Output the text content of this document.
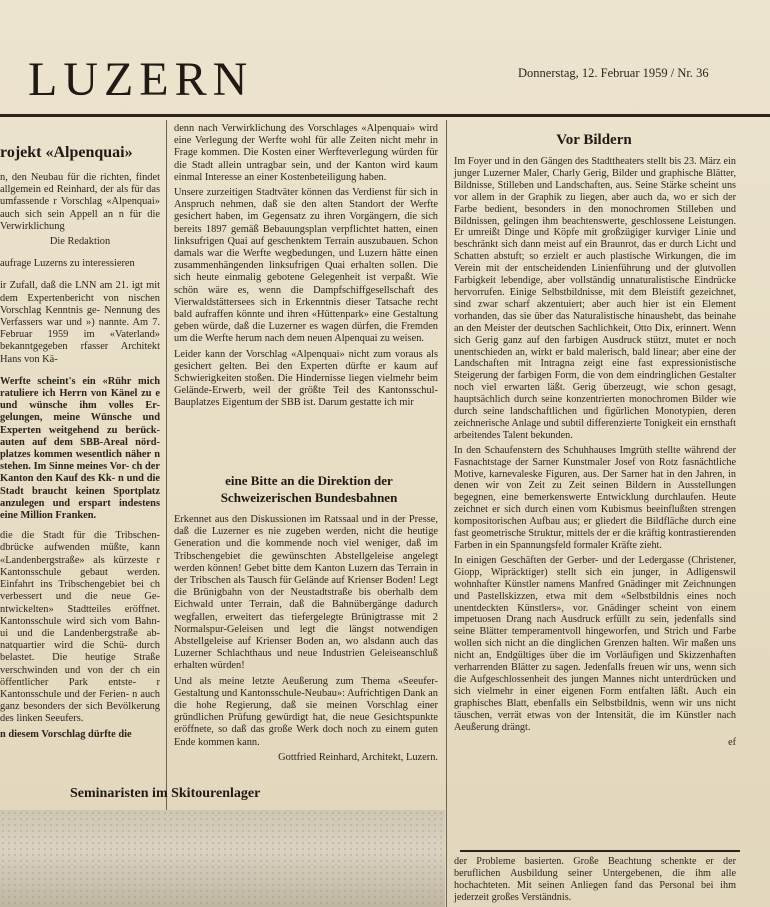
LUZERN	Donnerstag, 12. Februar 1959 / Nr. 36
rojekt «Alpenquai»

n, den Neubau für die richten, findet allgemein ed Reinhard, der als für das umfassende r Vorschlag «Alpenquai» auch sich sein Appell an n für die Verwirklichung

Die Redaktion

aufrage Luzerns zu interessieren

ir Zufall, daß die LNN am 21. igt mit dem Expertenbericht von nischen Vorschlag Kenntnis ge- Nennung des Verfassers war und ») nannte. Am 7. Februar 1959 im «Vaterland» bekanntgegeben rfasser Architekt Hans von Kä-

Werfte scheint's ein «Rühr mich ratuliere ich Herrn von Känel zu e und wünsche ihm volles Er- gelungen, meine Wünsche und Experten weitgehend zu berück- auten auf dem SBB-Areal nörd- platzes kommen wesentlich näher n stehen. Im Sinne meines Vor- ch der Kanton den Kauf des Kk- n und die Stadt braucht keinen Sportplatz anzulegen und erspart indestens eine Million Franken.

die die Stadt für die Tribschen- dbrücke aufwenden müßte, kann «Landenbergstraße» als kürzeste r Kantonsschule gebaut werden. Einfahrt ins Tribschengebiet bei ch verbessert und die neue Ge- ntwickelten» Stadtteiles eröffnet. Kantonsschule wird sich vom Bahn- ui und die Landenbergstraße ab- natquartier wird die Schü- durch belastet. Die heutige Straße verschwinden und von der ch ein öffentlicher Park entste- r Kantonsschule und der Ferien- n auch ganz besonders der sich Bevölkerung des linken Seeufers.

n diesem Vorschlag dürfte die

denn nach Verwirklichung des Vorschlages «Alpenquai» wird eine Verlegung der Werfte wohl für alle Zeiten nicht mehr in Frage kommen. Die Kosten einer Werfteverlegung würden für die Stadt allein untragbar sein, und der Kanton wird kaum einmal Interesse an einer Kostenbeteiligung haben.

Unsere zurzeitigen Stadtväter können das Verdienst für sich in Anspruch nehmen, daß sie den alten Standort der Werfte gesichert haben, im Gegensatz zu ihren Vorgängern, die sich bereits 1897 gemäß Bebauungsplan verpflichtet hatten, einen linksufrigen Quai auf geschenktem Terrain auszubauen. Schon damals war die Werfte wegbedungen, und Luzern hätte einen zusammenhängenden linksufrigen Quai erhalten sollen. Die sich heute einmalig gebotene Gelegenheit ist verpaßt. Wie schön wäre es, wenn die Dampfschiffgesellschaft des Vierwaldstättersees sich in Erkenntnis dieser Tatsache recht bald aufraffen könnte und ihren «Hüttenpark» eine Gestaltung geben würde, daß die Luzerner es wagen dürfen, die Fremden um die Werfte herum nach dem neuen Alpenquai zu weisen.

Leider kann der Vorschlag «Alpenquai» nicht zum voraus als gesichert gelten. Bei den Experten dürfte er kaum auf Schwierigkeiten stoßen. Die Hindernisse liegen vielmehr beim Gelände-Erwerb, weil der größte Teil des Kantonsschul-Bauplatzes Eigentum der SBB ist. Darum gestatte ich mir

eine Bitte an die Direktion der Schweizerischen Bundesbahnen

Erkennet aus den Diskussionen im Ratssaal und in der Presse, daß die Luzerner es nie zugeben werden, nicht die heutige Generation und die kommende noch viel weniger, daß im Tribschengebiet die gewünschten Abstellgeleise angelegt werden können! Gebet bitte dem Kanton Luzern das Terrain in der Tribschen als Tausch für Gelände auf Krienser Boden! Legt die Brünigbahn von der Neustadtstraße bis oberhalb dem Eichwald unter Terrain, daß die Bahnübergänge dadurch wegfallen, erweitert das tiefergelegte Brünigtrasse mit 2 Normalspur-Geleisen und legt die längst notwendigen Abstellgeleise auf Krienser Boden an, wo alsdann auch das Luzerner Schlachthaus und neue Industrien Geleiseanschluß erhalten würden!

Und als meine letzte Aeußerung zum Thema «Seeufer-Gestaltung und Kantonsschule-Neubau»: Aufrichtigen Dank an die hohe Regierung, daß sie meinen Vorschlag einer gründlichen Prüfung gewürdigt hat, die neue Gesichtspunkte eröffnete, so daß das große Werk doch noch zu einem guten Ende kommen kann.

Gottfried Reinhard, Architekt, Luzern.

Seminaristen im Skitourenlager
Vor Bildern

Im Foyer und in den Gängen des Stadttheaters stellt bis 23. März ein junger Luzerner Maler, Charly Gerig, Bilder und graphische Blätter, Bildnisse, Stilleben und Landschaften, aus. Seine Stärke scheint uns vor allem in der Graphik zu liegen, aber auch da, wo er sich der Farbe bedient, besonders in den monochromen Stilleben und Bildnissen, gelingen ihm beachtenswerte, geschlossene Leistungen. Er umreißt Dinge und Köpfe mit großzügiger kurviger Linie und beschränkt sich dann meist auf ein Braunrot, das er durch Licht und Schatten abstuft; so erzielt er auch plastische Wirkungen, die im Verein mit der entscheidenden Linienführung und der glutvollen Farbigkeit lebendige, aber vollständig unnaturalistische Eindrücke hervorrufen. Einige Selbstbildnisse, mit dem Bleistift gezeichnet, sind zwar scharf akzentuiert; aber auch hier ist ein Element vorhanden, das sie über das Naturalistische hinaushebt, das beinahe an den Meister der deutschen Sachlichkeit, Otto Dix, erinnert. Wenn sich Gerig ganz auf den farbigen Ausdruck stützt, mutet er noch unentschieden an, wirkt er bald malerisch, bald linear; aber eine der Landschaften mit Intragna zeigt eine fast expressionistische Steigerung der farbigen Form, die von dem eindringlichen Gestalter noch viel erwarten läßt. Gerig überzeugt, wie schon gesagt, hauptsächlich durch seine konzentrierten monochromen Bilder wie durch seine landschaftlichen und figürlichen Monotypien, deren zeichnerische Anlage und subtil differenzierte Tonigkeit ein ernsthaft arbeitendes Talent bekunden.

In den Schaufenstern des Schuhhauses Imgrüth stellte während der Fasnachtstage der Sarner Kunstmaler Josef von Rotz fasnächtliche Motive, karnevaleske Figuren, aus. Der Sarner hat in den Jahren, in denen wir von Zeit zu Zeit seinen Bildern in Ausstellungen begegnen, eine bemerkenswerte Entwicklung durchlaufen. Heute zeichnet er sich durch einen vom Kubismus beeinflußten strengen kompositorischen Aufbau aus; er gliedert die Bildfläche durch eine fast geometrische Struktur, mittels der er die kräftig kontrastierenden Farben in ein Spannungsfeld formaler Kräfte zieht.

In einigen Geschäften der Gerber- und der Ledergasse (Christener, Giopp, Wipräcktiger) stellt sich ein junger, in Adligenswil wohnhafter Künstler namens Manfred Gnädinger mit Zeichnungen und Pastellskizzen, etwa mit dem «Selbstbildnis eines noch unentdeckten Künstlers», vor. Gnädinger scheint von einem impetuosen Drang nach Ausdruck erfüllt zu sein, jedenfalls sind seine Blätter temperamentvoll hingeworfen, und Strich und Farbe wollen sich nicht an die dinglichen Grenzen halten. Wir maßen uns nicht an, Endgültiges über die im Vorläufigen und Skizzenhaften verharrenden Blätter zu sagen. Jedenfalls freuen wir uns, wenn sich die Aufgeschlossenheit des jungen Mannes nicht unterdrücken und sich vielmehr in einer eigenen Form entfalten läßt. Auch ein graphisches Blatt, ebenfalls ein Selbstbildnis, wenn wir uns nicht täuschen, verrät etwas von der Intensität, die im Künstler nach Aeußerung drängt.

ef

der Probleme basierten. Große Beachtung schenkte er der beruflichen Ausbildung seiner Untergebenen, die ihm alle hochachteten. Mit seinen Anliegen fand das Personal bei ihm jederzeit großes Verständnis.
